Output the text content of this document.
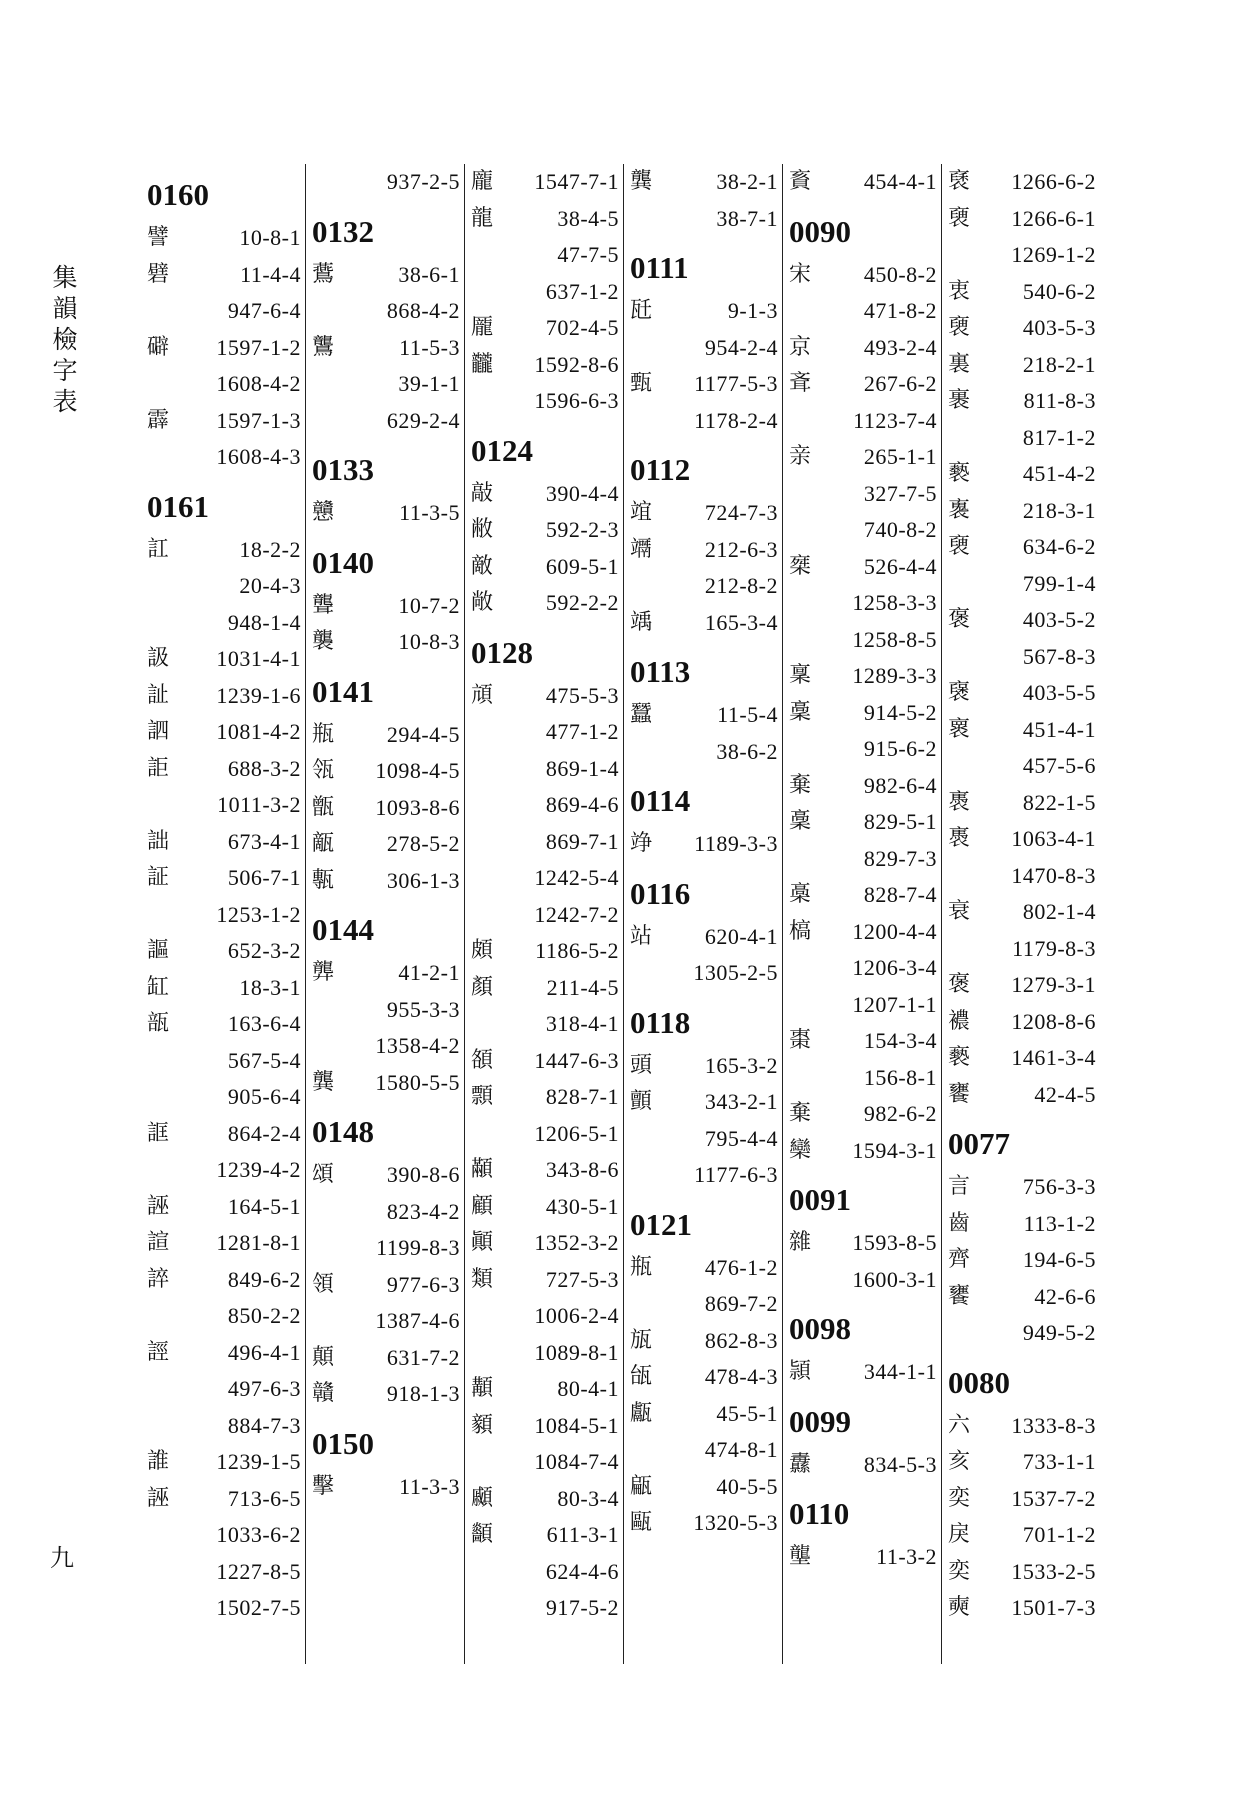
集韻檢字表
九
0160
譬	10-8-1
礕	11-4-4
947-6-4
礔	1597-1-2
1608-4-2
霹	1597-1-3
1608-4-3
0161
訌	18-2-2
20-4-3
948-1-4
訯	1031-4-1
訨	1239-1-6
訵	1081-4-2
詎	688-3-2
1011-3-2
詘	673-4-1
証	506-7-1
1253-1-2
謳	652-3-2
缸	18-3-1
瓿	163-6-4
567-5-4
905-6-4
誆	864-2-4
1239-4-2
誣	164-5-1
諠	1281-8-1
誶	849-6-2
850-2-2
誙	496-4-1
497-6-3
884-7-3
誰	1239-1-5
誣	713-6-5
1033-6-2
1227-8-5
1502-7-5
937-2-5
0132
鷰	38-6-1
868-4-2
鸗	11-5-3
39-1-1
629-2-4
0133
戇	11-3-5
0140
聾	10-7-2
襲	10-8-3
0141
瓶	294-4-5
瓴	1098-4-5
甑	1093-8-6
甋	278-5-2
甎	306-1-3
0144
龏	41-2-1
955-3-3
1358-4-2
龔	1580-5-5
0148
頌	390-8-6
823-4-2
1199-8-3
領	977-6-3
1387-4-6
顛	631-7-2
贛	918-1-3
0150
擊	11-3-3
龐	1547-7-1
龍	38-4-5
47-7-5
637-1-2
龎	702-4-5
龖	1592-8-6
1596-6-3
0124
敲	390-4-4
敝	592-2-3
敵	609-5-1
敞	592-2-2
0128
頏	475-5-3
477-1-2
869-1-4
869-4-6
869-7-1
1242-5-4
1242-7-2
頗	1186-5-2
顏	211-4-5
318-4-1
頟	1447-6-3
顠	828-7-1
1206-5-1
顢	343-8-6
顧	430-5-1
顚	1352-3-2
類	727-5-3
1006-2-4
1089-8-1
顜	80-4-1
顡	1084-5-1
1084-7-4
顣	80-3-4
顲	611-3-1
624-4-6
917-5-2
龔	38-2-1
38-7-1
0111
瓩	9-1-3
954-2-4
甄	1177-5-3
1178-2-4
0112
竩	724-7-3
竵	212-6-3
212-8-2
竬	165-3-4
0113
蠶	11-5-4
38-6-2
0114
竫	1189-3-3
0116
站	620-4-1
1305-2-5
0118
頭	165-3-2
顫	343-2-1
795-4-4
1177-6-3
0121
瓶	476-1-2
869-7-2
瓬	862-8-3
瓵	478-4-3
甗	45-5-1
474-8-1
甂	40-5-5
甌	1320-5-3
賌	454-4-1
0090
宋	450-8-2
471-8-2
京	493-2-4
斊	267-6-2
1123-7-4
亲	265-1-1
327-7-5
740-8-2
椉	526-4-4
1258-3-3
1258-8-5
稟	1289-3-3
稾	914-5-2
915-6-2
棄	982-6-4
稾	829-5-1
829-7-3
槀	828-7-4
槁	1200-4-4
1206-3-4
1207-1-1
棗	154-3-4
156-8-1
棄	982-6-2
欒	1594-3-1
0091
雜	1593-8-5
1600-3-1
0098
頴	344-1-1
0099
纛	834-5-3
0110
壟	11-3-2
褎	1266-6-2
褏	1266-6-1
1269-1-2
衷	540-6-2
褏	403-5-3
裏	218-2-1
裹	811-8-3
817-1-2
褻	451-4-2
褢	218-3-1
褏	634-6-2
799-1-4
褒	403-5-2
567-8-3
襃	403-5-5
褱	451-4-1
457-5-6
褭	822-1-5
褭	1063-4-1
1470-8-3
衰	802-1-4
1179-8-3
褒	1279-3-1
襛	1208-8-6
褻	1461-3-4
饔	42-4-5
0077
言	756-3-3
齒	113-1-2
齊	194-6-5
饔	42-6-6
949-5-2
0080
六	1333-8-3
亥	733-1-1
奕	1537-7-2
戾	701-1-2
奕	1533-2-5
奭	1501-7-3
